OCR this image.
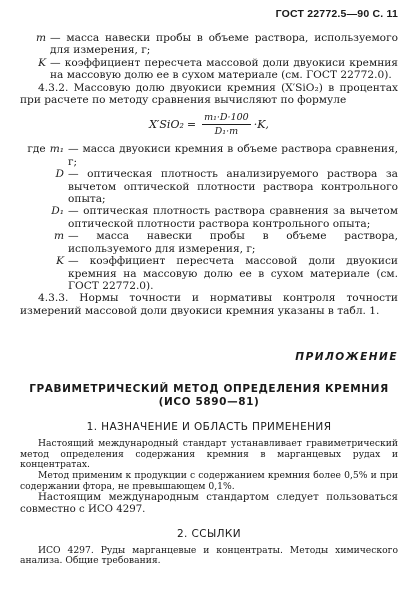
ГОСТ 22772.5—90 С. 11
m — масса навески пробы в объеме раствора, используемого для измерения, г;
K — коэффициент пересчета массовой доли двуокиси кремния на массовую долю ее в сухом материале (см. ГОСТ 22772.0).

4.3.2. Массовую долю двуокиси кремния (X′SiO₂) в процентах при расчете по методу сравнения вычисляют по формуле

$X'SiO_2 = \frac{\text{m₁·D·100}}{\text{D₁·m}} \cdot K$,
где m₁ — масса двуокиси кремния в объеме раствора сравнения, г;
D — оптическая плотность анализируемого раствора за вычетом оптической плотности раствора контрольного опыта;
D₁ — оптическая плотность раствора сравнения за вычетом оптической плотности раствора контрольного опыта;
m — масса навески пробы в объеме раствора, используемого для измерения, г;
K — коэффициент пересчета массовой доли двуокиси кремния на массовую долю ее в сухом материале (см. ГОСТ 22772.0).

4.3.3. Нормы точности и нормативы контроля точности измерений массовой доли двуокиси кремния указаны в табл. 1.

ПРИЛОЖЕНИЕ
ГРАВИМЕТРИЧЕСКИЙ МЕТОД ОПРЕДЕЛЕНИЯ КРЕМНИЯ
(ИСО 5890—81)
1. НАЗНАЧЕНИЕ И ОБЛАСТЬ ПРИМЕНЕНИЯ

Настоящий международный стандарт устанавливает гравиметрический метод определения содержания кремния в марганцевых рудах и концентратах.

Метод применим к продукции с содержанием кремния более 0,5% и при содержании фтора, не превышающем 0,1%.

Настоящим международным стандартом следует пользоваться совместно с ИСО 4297.

2. ССЫЛКИ

ИСО 4297. Руды марганцевые и концентраты. Методы химического анализа. Общие требования.
